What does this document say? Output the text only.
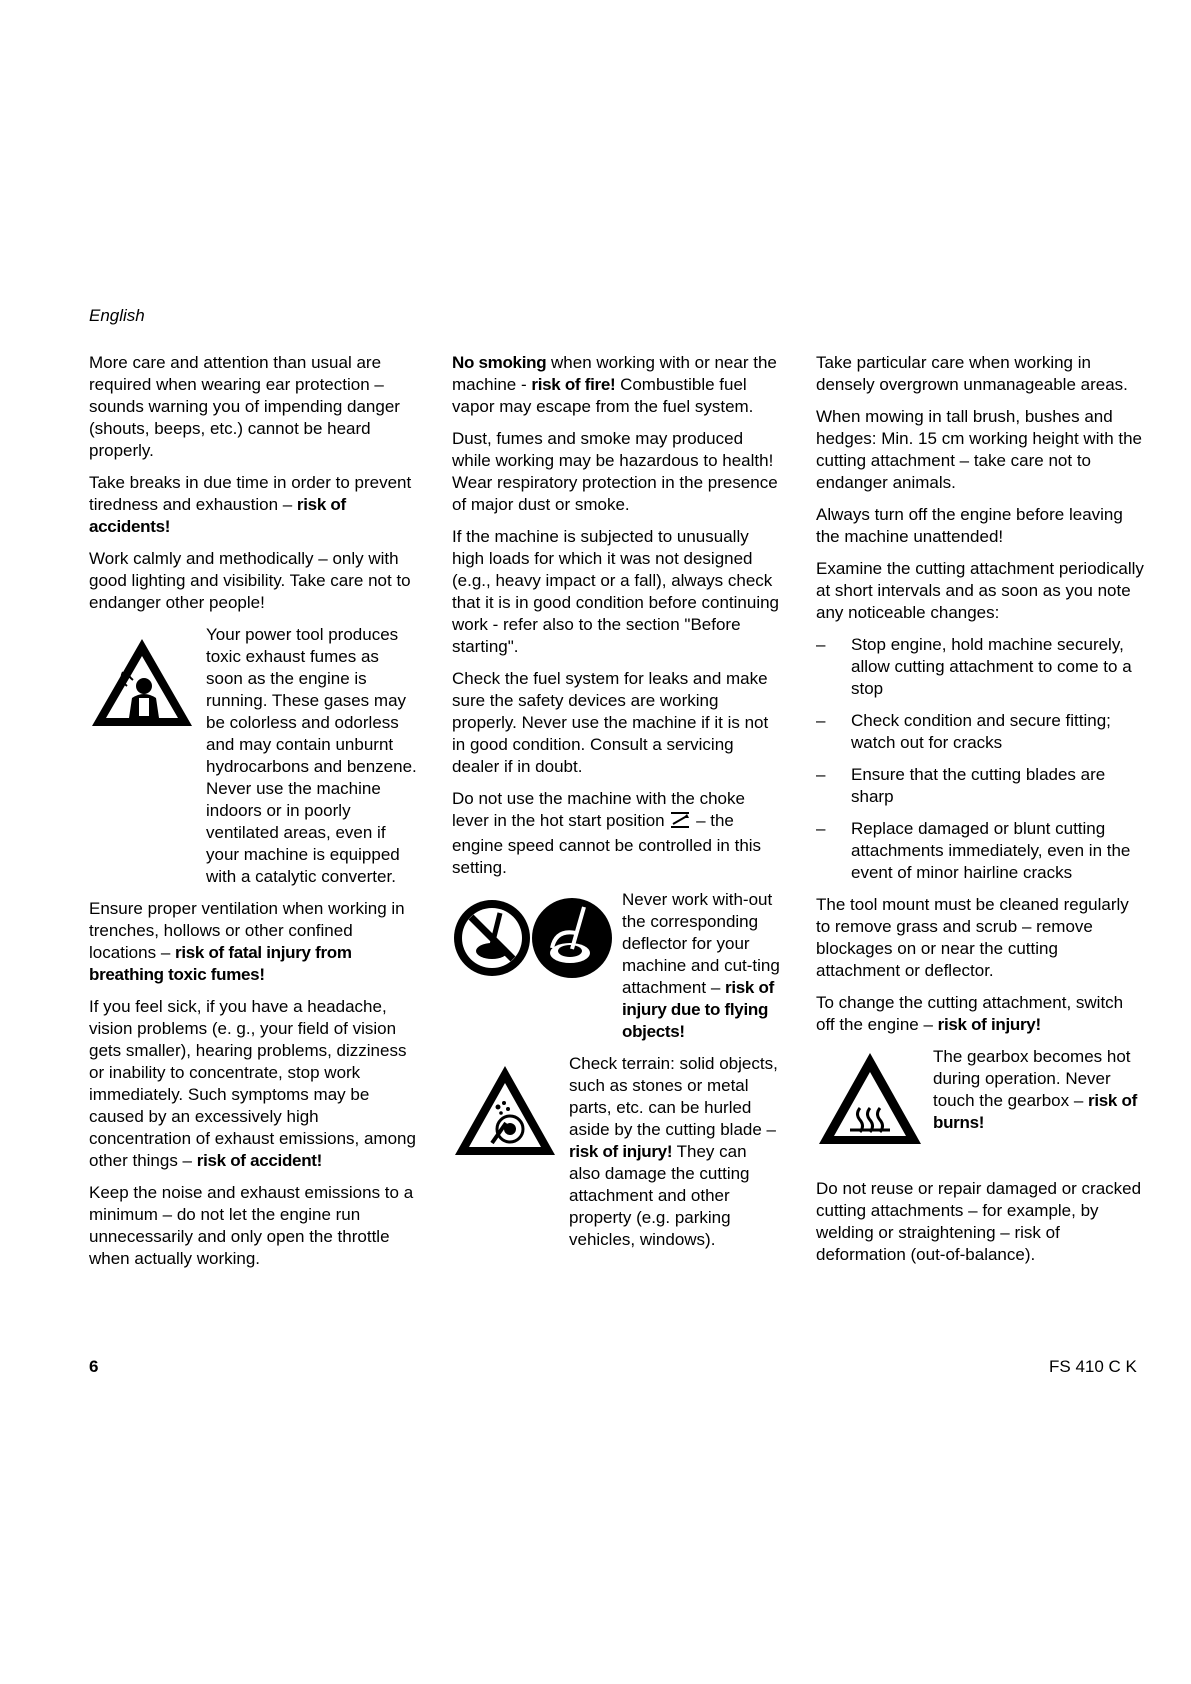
English

More care and attention than usual are required when wearing ear protection – sounds warning you of impending danger (shouts, beeps, etc.) cannot be heard properly.

Take breaks in due time in order to prevent tiredness and exhaustion – risk of accidents!

Work calmly and methodically – only with good lighting and visibility. Take care not to endanger other people!

Your power tool produces toxic exhaust fumes as soon as the engine is running. These gases may be colorless and odorless and may contain unburnt hydrocarbons and benzene. Never use the machine indoors or in poorly ventilated areas, even if your machine is equipped with a catalytic converter.

Ensure proper ventilation when working in trenches, hollows or other confined locations – risk of fatal injury from breathing toxic fumes!

If you feel sick, if you have a headache, vision problems (e. g., your field of vision gets smaller), hearing problems, dizziness or inability to concentrate, stop work immediately. Such symptoms may be caused by an excessively high concentration of exhaust emissions, among other things – risk of accident!

Keep the noise and exhaust emissions to a minimum – do not let the engine run unnecessarily and only open the throttle when actually working.

No smoking when working with or near the machine - risk of fire! Combustible fuel vapor may escape from the fuel system.

Dust, fumes and smoke may produced while working may be hazardous to health! Wear respiratory protection in the presence of major dust or smoke.

If the machine is subjected to unusually high loads for which it was not designed (e.g., heavy impact or a fall), always check that it is in good condition before continuing work - refer also to the section "Before starting".

Check the fuel system for leaks and make sure the safety devices are working properly. Never use the machine if it is not in good condition. Consult a servicing dealer if in doubt.

Do not use the machine with the choke lever in the hot start position  – the engine speed cannot be controlled in this setting.

Never work with-out the corresponding deflector for your machine and cut-ting attachment – risk of injury due to flying objects!

Check terrain: solid objects, such as stones or metal parts, etc. can be hurled aside by the cutting blade – risk of injury! They can also damage the cutting attachment and other property (e.g. parking vehicles, windows).

Take particular care when working in densely overgrown unmanageable areas.

When mowing in tall brush, bushes and hedges: Min. 15 cm working height with the cutting attachment – take care not to endanger animals.

Always turn off the engine before leaving the machine unattended!

Examine the cutting attachment periodically at short intervals and as soon as you note any noticeable changes:

–	Stop engine, hold machine securely, allow cutting attachment to come to a stop
–	Check condition and secure fitting; watch out for cracks
–	Ensure that the cutting blades are sharp
–	Replace damaged or blunt cutting attachments immediately, even in the event of minor hairline cracks

The tool mount must be cleaned regularly to remove grass and scrub – remove blockages on or near the cutting attachment or deflector.

To change the cutting attachment, switch off the engine – risk of injury!

The gearbox becomes hot during operation. Never touch the gearbox – risk of burns!

Do not reuse or repair damaged or cracked cutting attachments – for example, by welding or straightening – risk of deformation (out-of-balance).

6	FS 410 C K
